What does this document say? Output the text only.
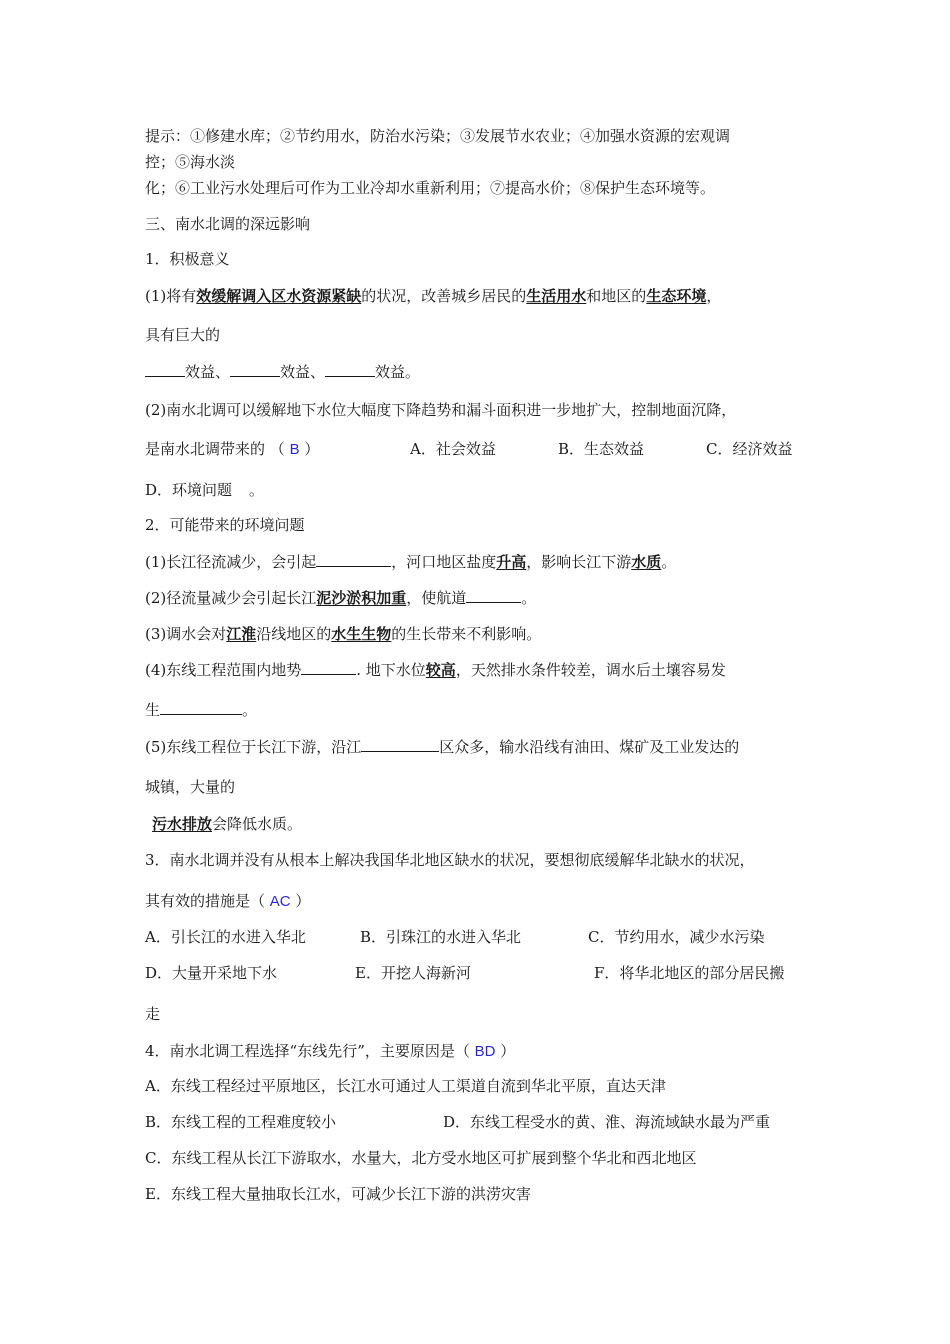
提示：①修建水库；②节约用水，防治水污染；③发展节水农业；④加强水资源的宏观调
控；⑤海水淡
化；⑥工业污水处理后可作为工业冷却水重新利用；⑦提高水价；⑧保护生态环境等。
三、南水北调的深远影响
1．积极意义
(1)将有效缓解调入区水资源紧缺的状况，改善城乡居民的生活用水和地区的生态环境，
具有巨大的
效益、	效益、	效益。
(2)南水北调可以缓解地下水位大幅度下降趋势和漏斗面积进一步地扩大，控制地面沉降，
是南水北调带来的 （ B ）	A．社会效益	B．生态效益	C．经济效益
D．环境问题 。
2．可能带来的环境问题
(1)长江径流减少，会引起	，河口地区盐度升高，影响长江下游水质。
(2)径流量减少会引起长江泥沙淤积加重，使航道	。
(3)调水会对江淮沿线地区的水生生物的生长带来不利影响。
(4)东线工程范围内地势	. 地下水位较高，天然排水条件较差，调水后土壤容易发
生	。
(5)东线工程位于长江下游，沿江	区众多，输水沿线有油田、煤矿及工业发达的
城镇，大量的
污水排放会降低水质。
3．南水北调并没有从根本上解决我国华北地区缺水的状况，要想彻底缓解华北缺水的状况，
其有效的措施是（ AC ）
A．引长江的水进入华北	B．引珠江的水进入华北	C．节约用水，减少水污染
D．大量开采地下水	E．开挖人海新河	F．将华北地区的部分居民搬
走
4．南水北调工程选择“东线先行”，主要原因是（ BD ）
A．东线工程经过平原地区，长江水可通过人工渠道自流到华北平原，直达天津
B．东线工程的工程难度较小	D．东线工程受水的黄、淮、海流域缺水最为严重
C．东线工程从长江下游取水，水量大，北方受水地区可扩展到整个华北和西北地区
E．东线工程大量抽取长江水，可减少长江下游的洪涝灾害
